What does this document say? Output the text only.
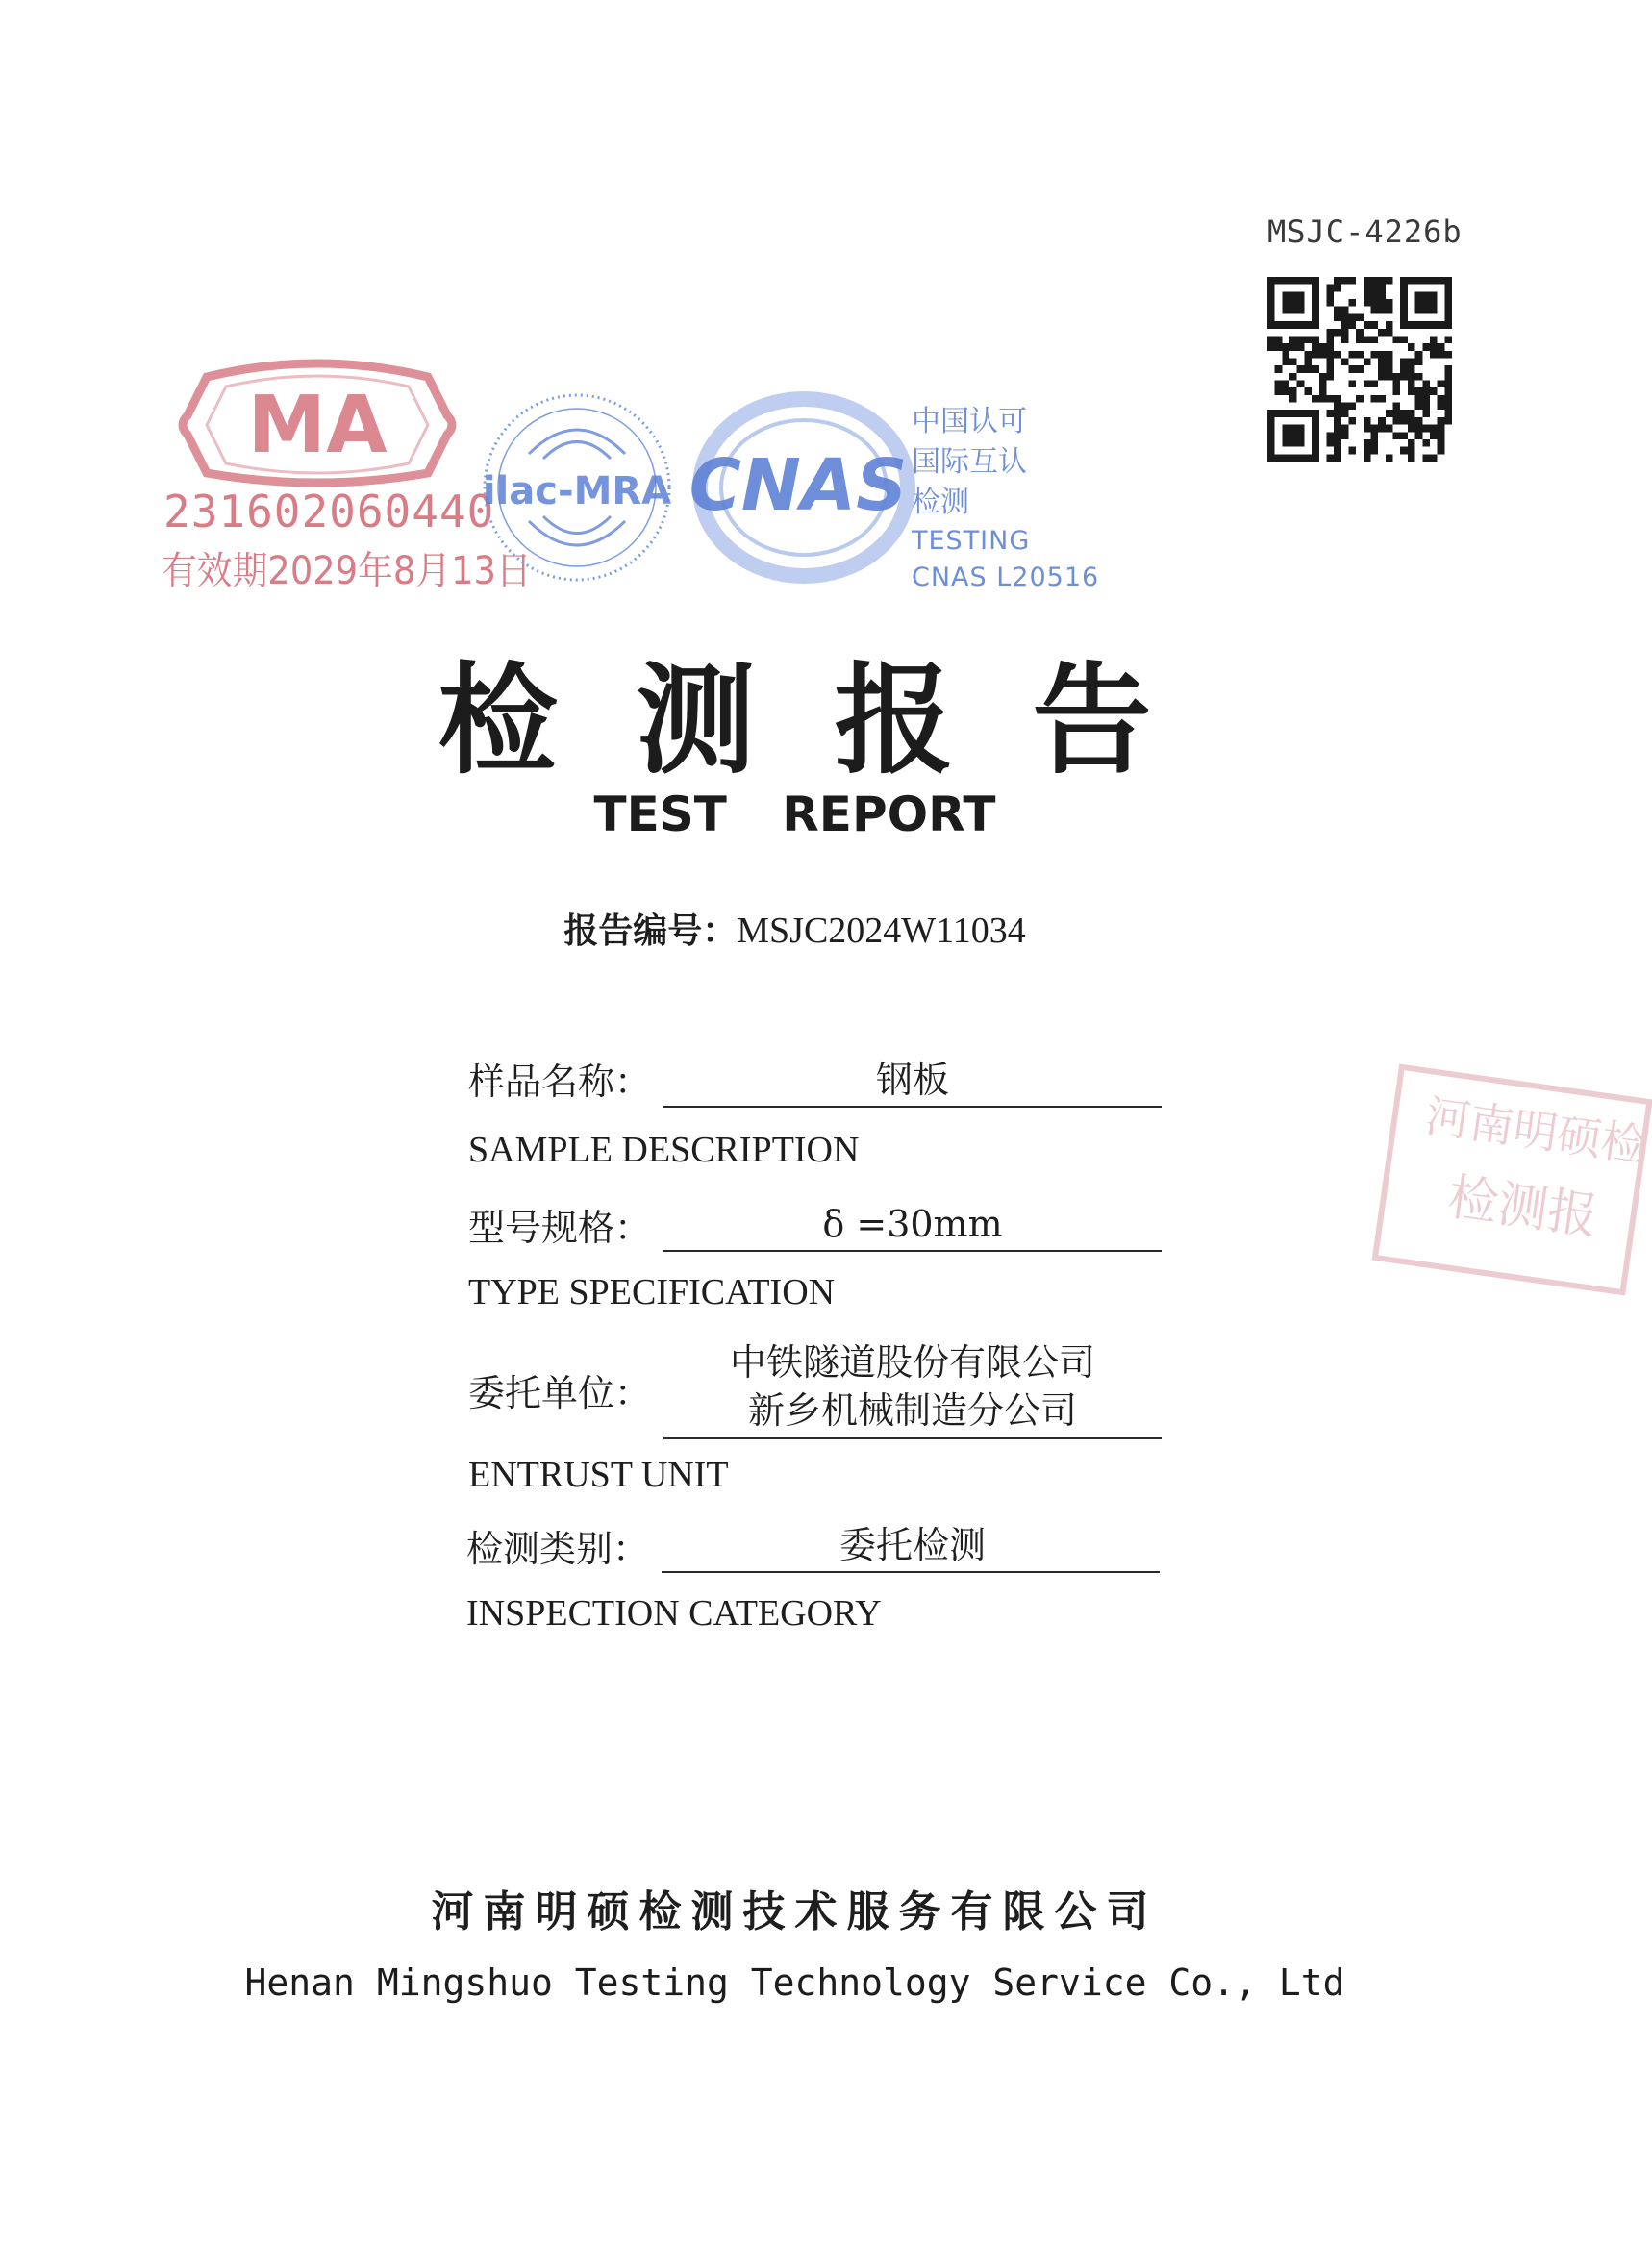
MSJC-4226b
MA
231602060440
有效期2029年8月13日
ilac-MRA CNAS
中国认可
国际互认
检测
TESTING
CNAS L20516
河南明硕检
检测报
检测报告
TEST REPORT
报告编号：MSJC2024W11034
样品名称：	钢板
SAMPLE DESCRIPTION
型号规格：	δ =30mm
TYPE SPECIFICATION
委托单位：
中铁隧道股份有限公司
新乡机械制造分公司
ENTRUST UNIT
检测类别：	委托检测
INSPECTION CATEGORY
河南明硕检测技术服务有限公司
Henan Mingshuo Testing Technology Service Co., Ltd
